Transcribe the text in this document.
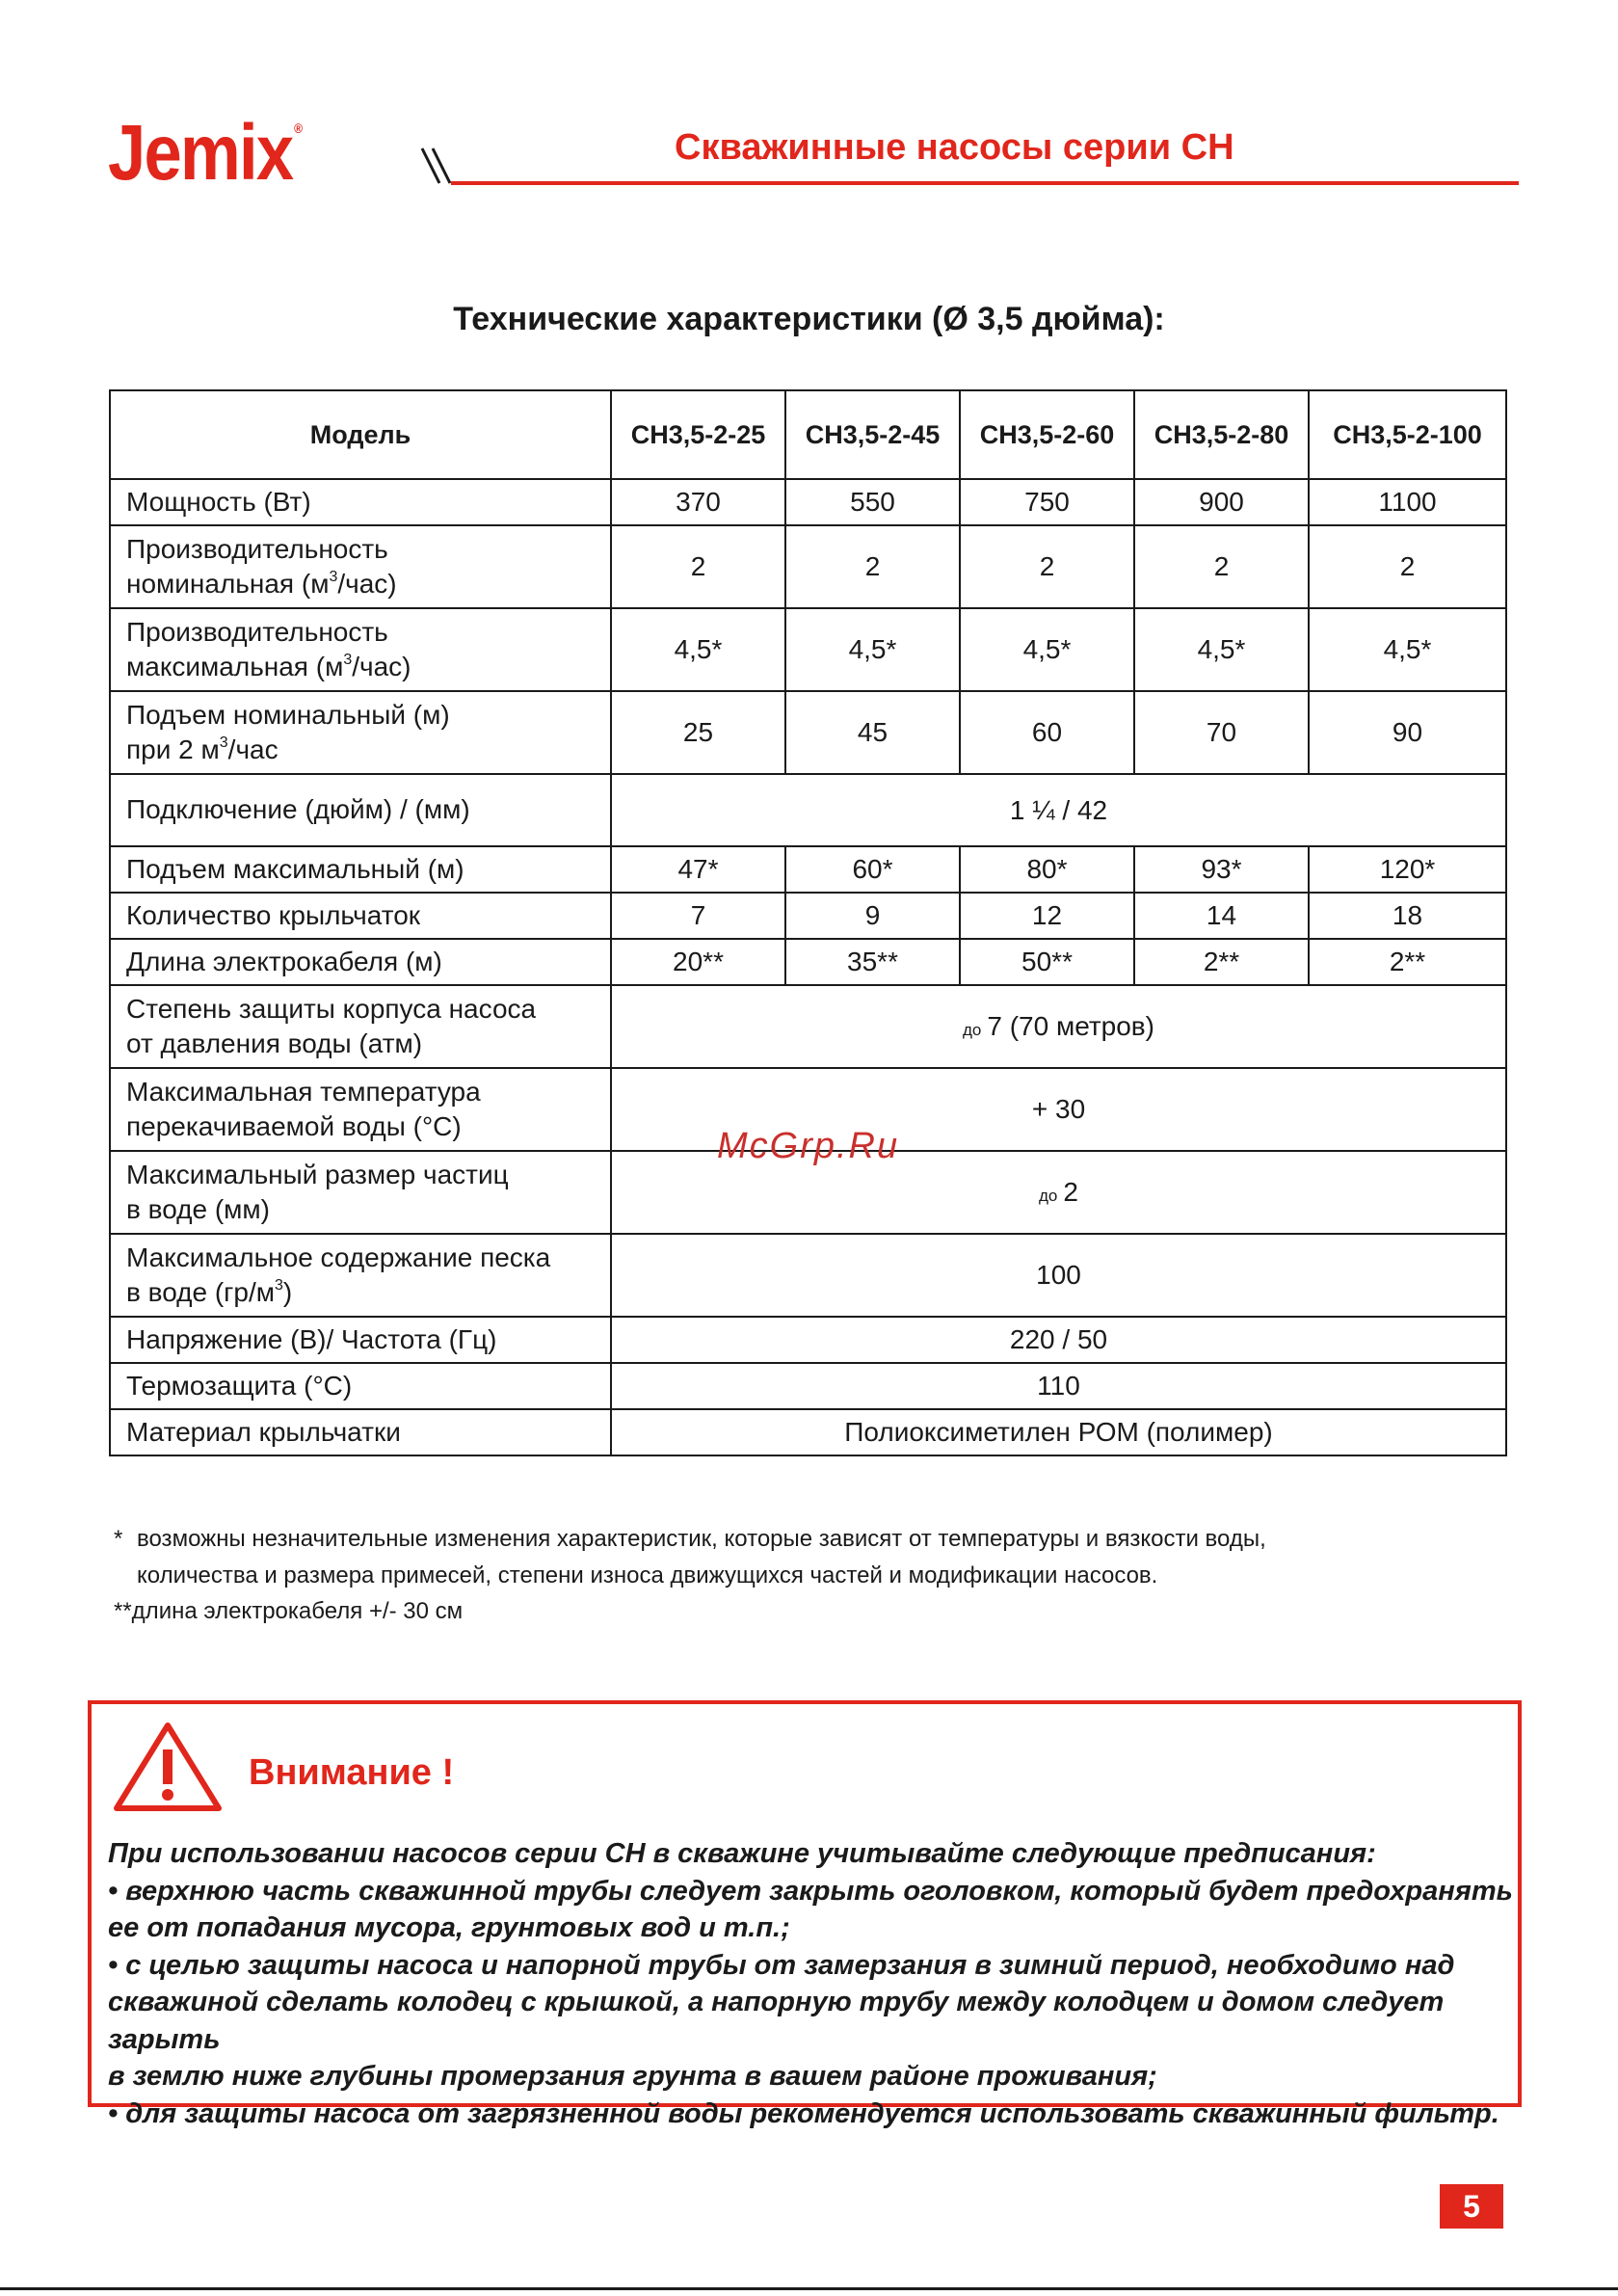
Jemix ®	Скважинные насосы серии СН
Технические характеристики (Ø 3,5 дюйма):
Модель	СН3,5-2-25	СН3,5-2-45	СН3,5-2-60	СН3,5-2-80	СН3,5-2-100
Мощность (Вт)	370	550	750	900	1100
Производительность
номинальная $(м^3/час)$	2	2	2	2	2
Производительность
максимальная $(м^3/час)$	4,5*	4,5*	4,5*	4,5*	4,5*
Подъем номинальный (м)
при 2 $м^3$/час	25	45	60	70	90
Подключение (дюйм) / (мм)	1 ¼ / 42				
Подъем максимальный (м)	47*	60*	80*	93*	120*
Количество крыльчаток	7	9	12	14	18
Длина электрокабеля (м)	20**	35**	50**	2**	2**
Степень защиты корпуса насоса
от давления воды (атм)	до 7 (70 метров)				
Максимальная температура
перекачиваемой воды (°С)	+ 30				
Максимальный размер частиц
в воде (мм)	до 2				
Максимальное содержание песка
в воде $(гр/м^3)$	100				
Напряжение (В)/ Частота (Гц)	220 / 50				
Термозащита (°С)	110				
Материал крыльчатки	Полиоксиметилен РОМ (полимер)				
McGrp.Ru
* возможны незначительные изменения характеристик, которые зависят от температуры и вязкости воды,
количества и размера примесей, степени износа движущихся частей и модификации насосов.
**длина электрокабеля +/- 30 см
Внимание !

При использовании насосов серии СН в скважине учитывайте следующие предписания:

• верхнюю часть скважинной трубы следует закрыть оголовком, который будет предохранять

ее от попадания мусора, грунтовых вод и т.п.;

• с целью защиты насоса и напорной трубы от замерзания в зимний период, необходимо над

скважиной сделать колодец с крышкой, а напорную трубу между колодцем и домом следует зарыть

в землю ниже глубины промерзания грунта в вашем районе проживания;

• для защиты насоса от загрязненной воды рекомендуется использовать скважинный фильтр.

5
